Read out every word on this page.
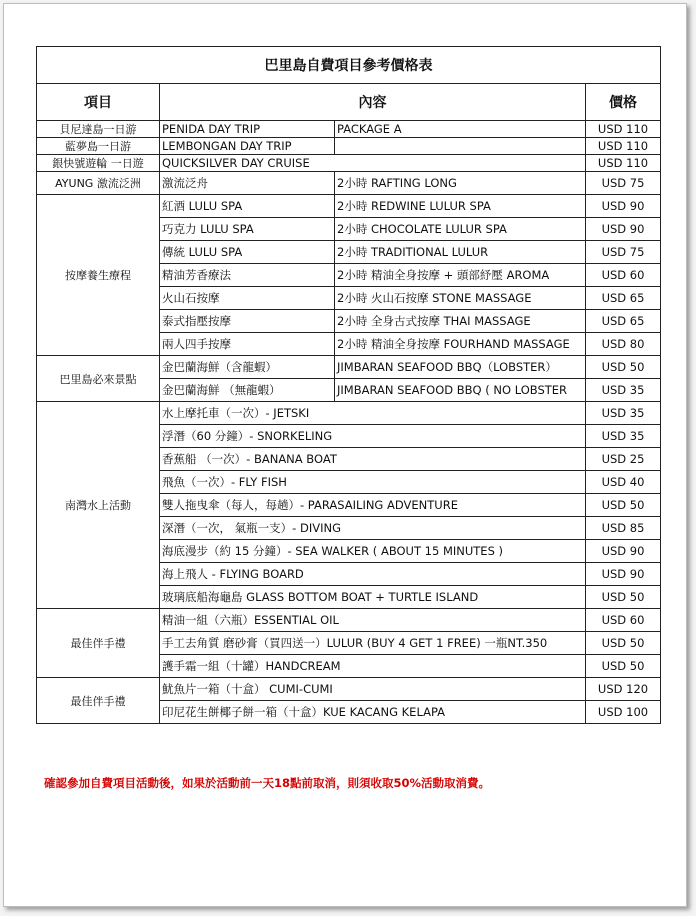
巴里島自費項目參考價格表			
項目	內容		價格
貝尼達島一日游	PENIDA DAY TRIP	PACKAGE A	USD 110
藍夢島一日游	LEMBONGAN DAY TRIP		USD 110
銀快號遊輪 一日遊	QUICKSILVER DAY CRUISE		USD 110
AYUNG 激流泛洲	激流泛舟	2小時 RAFTING LONG	USD 75
按摩養生療程	紅酒 LULU SPA	2小時 REDWINE LULUR SPA	USD 90
	巧克力 LULU SPA	2小時 CHOCOLATE LULUR SPA	USD 90
	傳統 LULU SPA	2小時 TRADITIONAL LULUR	USD 75
	精油芳香療法	2小時 精油全身按摩 + 頭部紓壓 AROMA	USD 60
	火山石按摩	2小時 火山石按摩 STONE MASSAGE	USD 65
	泰式指壓按摩	2小時 全身古式按摩 THAI MASSAGE	USD 65
	兩人四手按摩	2小時 精油全身按摩 FOURHAND MASSAGE	USD 80
巴里島必來景點	金巴蘭海鮮（含龍蝦）	JIMBARAN SEAFOOD BBQ（LOBSTER）	USD 50
	金巴蘭海鮮 （無龍蝦）	JIMBARAN SEAFOOD BBQ ( NO LOBSTER	USD 35
南灣水上活動	水上摩托車（一次）- JETSKI		USD 35
	浮潛（60 分鐘）- SNORKELING		USD 35
	香蕉船 （一次）- BANANA BOAT		USD 25
	飛魚（一次）- FLY FISH		USD 40
	雙人拖曳傘（每人，每趟）- PARASAILING ADVENTURE		USD 50
	深潛（一次， 氣瓶一支）- DIVING		USD 85
	海底漫步（約 15 分鐘）- SEA WALKER ( ABOUT 15 MINUTES )		USD 90
	海上飛人 - FLYING BOARD		USD 90
	玻璃底船海龜島 GLASS BOTTOM BOAT + TURTLE ISLAND		USD 50
最佳伴手禮	精油一組（六瓶）ESSENTIAL OIL		USD 60
	手工去角質 磨砂膏（買四送一）LULUR (BUY 4 GET 1 FREE) 一瓶NT.350		USD 50
	護手霜一組（十罐）HANDCREAM		USD 50
最佳伴手禮	魷魚片一箱（十盒） CUMI-CUMI		USD 120
	印尼花生餅椰子餅一箱（十盒）KUE KACANG KELAPA		USD 100
確認參加自費項目活動後，如果於活動前一天18點前取消，則須收取50%活動取消費。
